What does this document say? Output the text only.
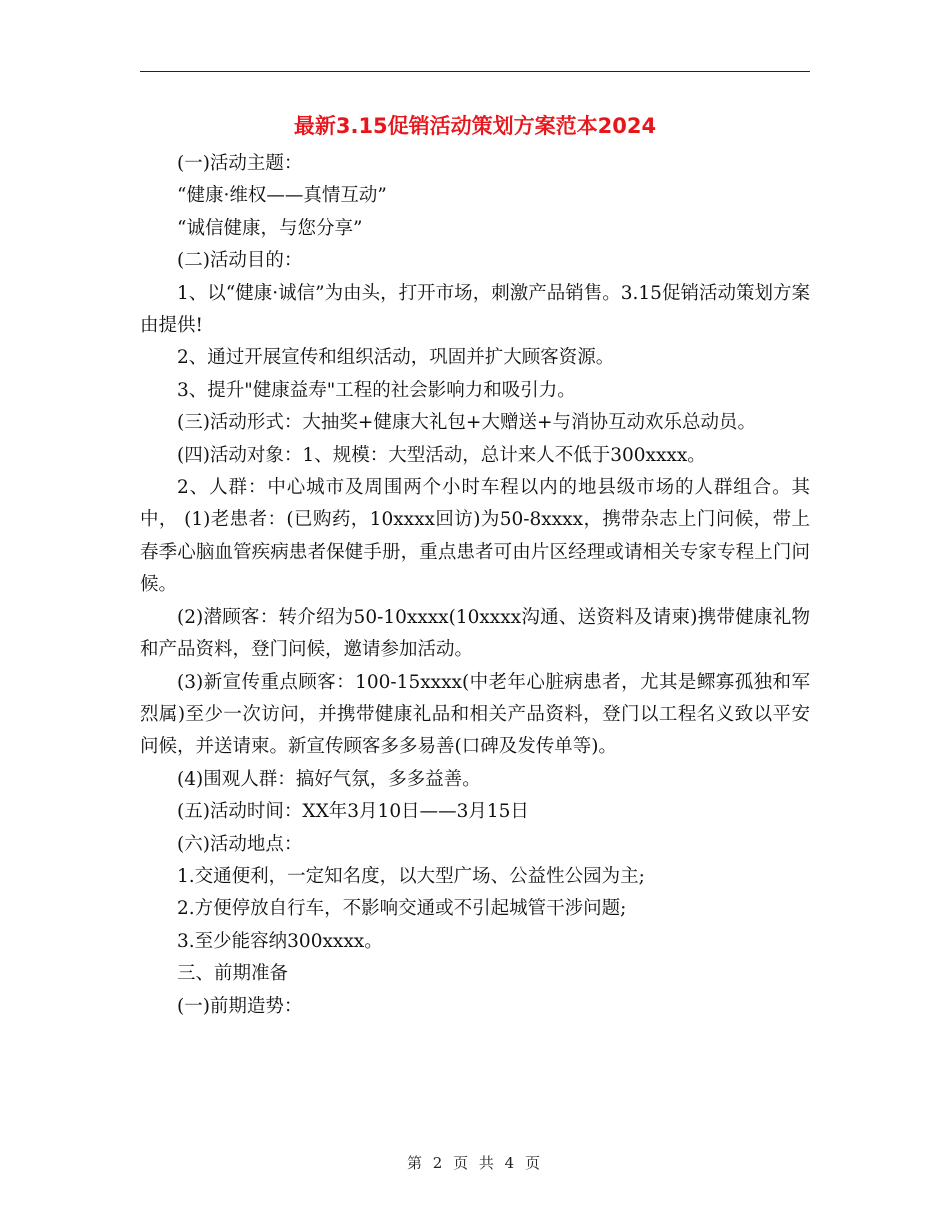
最新3.15促销活动策划方案范本2024

(一)活动主题：

“健康·维权——真情互动”

“诚信健康，与您分享”

(二)活动目的：

1、以“健康·诚信”为由头，打开市场，刺激产品销售。3.15促销活动策划方案由提供!

2、通过开展宣传和组织活动，巩固并扩大顾客资源。

3、提升"健康益寿"工程的社会影响力和吸引力。

(三)活动形式：大抽奖+健康大礼包+大赠送+与消协互动欢乐总动员。

(四)活动对象：1、规模：大型活动，总计来人不低于300xxxx。

2、人群：中心城市及周围两个小时车程以内的地县级市场的人群组合。其中， (1)老患者：(已购药，10xxxx回访)为50-8xxxx，携带杂志上门问候，带上春季心脑血管疾病患者保健手册，重点患者可由片区经理或请相关专家专程上门问候。

(2)潜顾客：转介绍为50-10xxxx(10xxxx沟通、送资料及请柬)携带健康礼物和产品资料，登门问候，邀请参加活动。

(3)新宣传重点顾客：100-15xxxx(中老年心脏病患者，尤其是鳏寡孤独和军烈属)至少一次访问，并携带健康礼品和相关产品资料，登门以工程名义致以平安问候，并送请柬。新宣传顾客多多易善(口碑及发传单等)。

(4)围观人群：搞好气氛，多多益善。

(五)活动时间：XX年3月10日——3月15日

(六)活动地点：

1.交通便利，一定知名度，以大型广场、公益性公园为主;

2.方便停放自行车，不影响交通或不引起城管干涉问题;

3.至少能容纳300xxxx。

三、前期准备

(一)前期造势：

第 2 页 共 4 页
